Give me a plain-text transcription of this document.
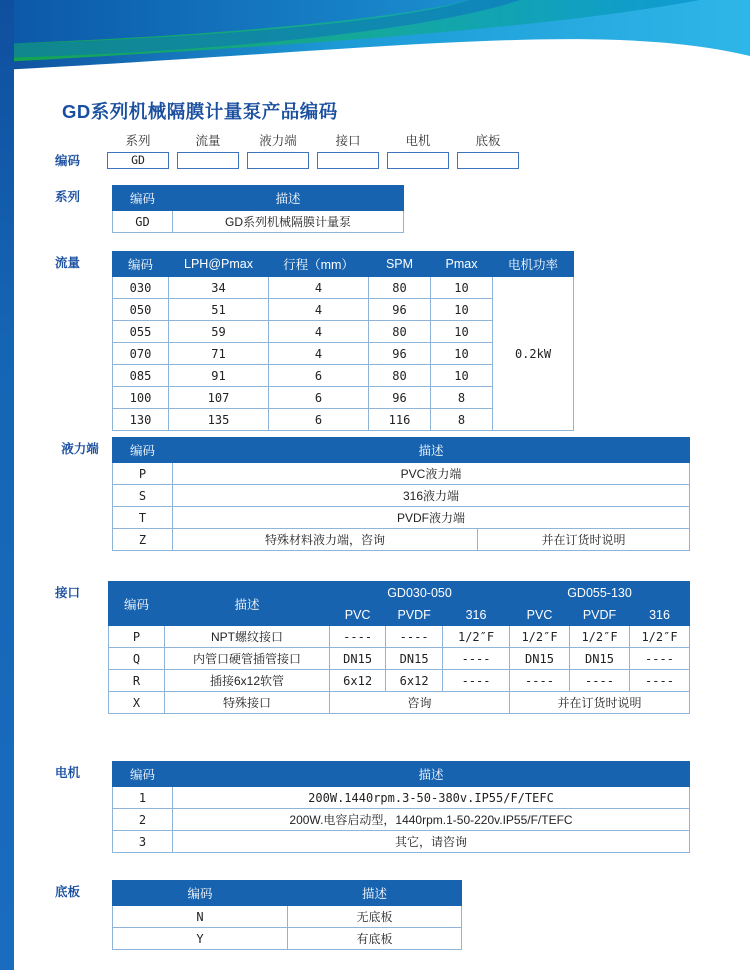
GD系列机械隔膜计量泵产品编码
编码
系列
GD
流量	液力端	接口	电机	底板
系列	编码	描述
GD	GD系列机械隔膜计量泵
流量	编码	LPH@Pmax	行程（mm）	SPM	Pmax	电机功率
030	34	4	80	10	0.2kW
050	51	4	96	10	
055	59	4	80	10	
070	71	4	96	10	
085	91	6	80	10	
100	107	6	96	8	
130	135	6	116	8	
液力端	编码	描述	
P	PVC液力端	
S	316液力端	
T	PVDF液力端	
Z	特殊材料液力端，咨询	并在订货时说明
接口
编码	描述	GD030-050			GD055-130		
		PVC	PVDF	316	PVC	PVDF	316
P	NPT螺纹接口	----	----	1/2″F	1/2″F	1/2″F	1/2″F
Q	内管口硬管插管接口	DN15	DN15	----	DN15	DN15	----
R	插接6x12软管	6x12	6x12	----	----	----	----
X	特殊接口	咨询			并在订货时说明		
电机	编码	描述
1	200W.1440rpm.3-50-380v.IP55/F/TEFC
2	200W.电容启动型，1440rpm.1-50-220v.IP55/F/TEFC
3	其它，请咨询
底板	编码	描述
N	无底板
Y	有底板
